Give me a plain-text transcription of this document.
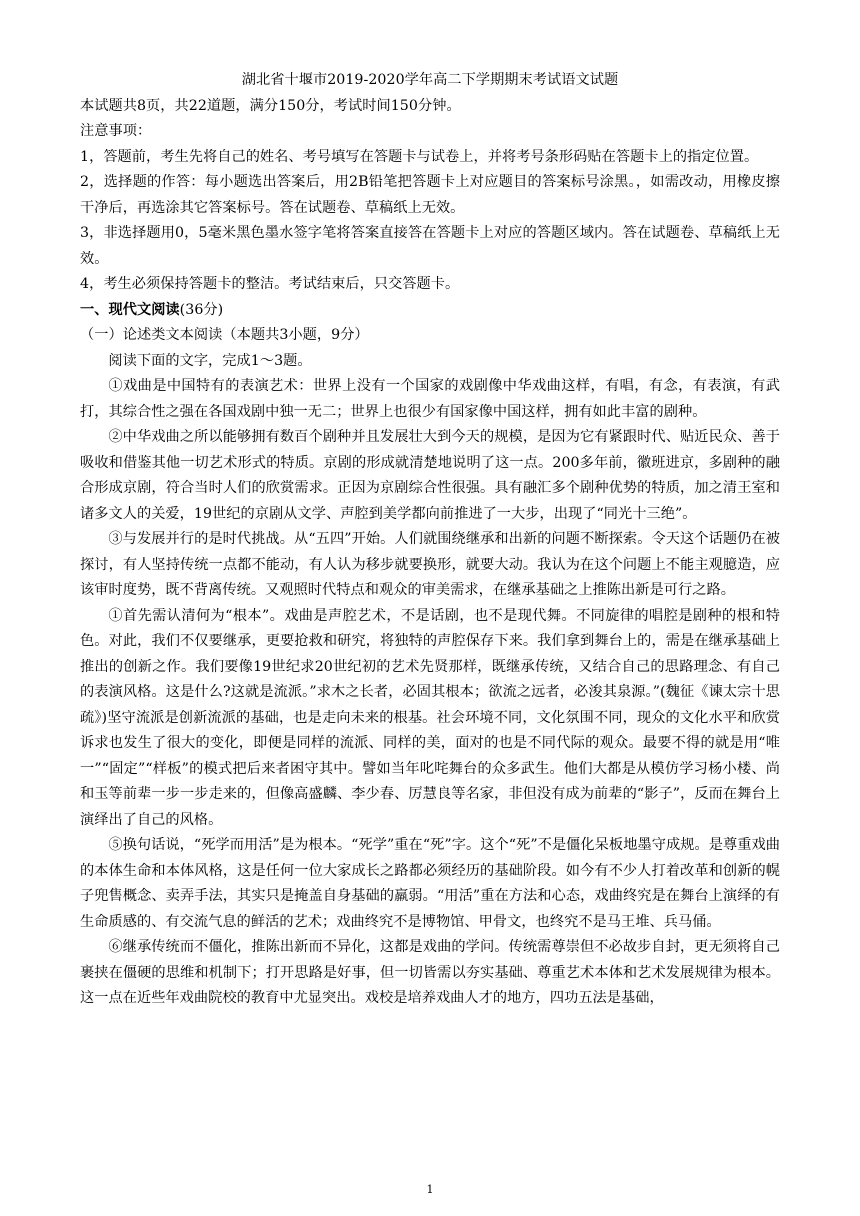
湖北省十堰市2019-2020学年高二下学期期末考试语文试题

本试题共8页，共22道题，满分150分，考试时间150分钟。

注意事项：

1，答题前，考生先将自己的姓名、考号填写在答题卡与试卷上，并将考号条形码贴在答题卡上的指定位置。

2，选择题的作答：每小题选出答案后，用2B铅笔把答题卡上对应题目的答案标号涂黑。，如需改动，用橡皮擦干净后，再选涂其它答案标号。答在试题卷、草稿纸上无效。

3，非选择题用0，5毫米黑色墨水签字笔将答案直接答在答题卡上对应的答题区域内。答在试题卷、草稿纸上无效。

4，考生必须保持答题卡的整洁。考试结束后，只交答题卡。

一、现代文阅读(36分)

（一）论述类文本阅读（本题共3小题，9分）

阅读下面的文字，完成1～3题。

①戏曲是中国特有的表演艺术：世界上没有一个国家的戏剧像中华戏曲这样，有唱，有念，有表演，有武打，其综合性之强在各国戏剧中独一无二；世界上也很少有国家像中国这样，拥有如此丰富的剧种。

②中华戏曲之所以能够拥有数百个剧种并且发展壮大到今天的规模，是因为它有紧跟时代、贴近民众、善于吸收和借鉴其他一切艺术形式的特质。京剧的形成就清楚地说明了这一点。200多年前，徽班进京，多剧种的融合形成京剧，符合当时人们的欣赏需求。正因为京剧综合性很强。具有融汇多个剧种优势的特质，加之清王室和诸多文人的关爱，19世纪的京剧从文学、声腔到美学都向前推进了一大步，出现了“同光十三绝”。

③与发展并行的是时代挑战。从“五四”开始。人们就围绕继承和出新的问题不断探索。令天这个话题仍在被探讨，有人坚持传统一点都不能动，有人认为移步就要换形，就要大动。我认为在这个问题上不能主观臆造，应该审时度势，既不背离传统。又观照时代特点和观众的审美需求，在继承基础之上推陈出新是可行之路。

①首先需认清何为“根本”。戏曲是声腔艺术，不是话剧，也不是现代舞。不同旋律的唱腔是剧种的根和特色。对此，我们不仅要继承，更要抢救和研究，将独特的声腔保存下来。我们拿到舞台上的，需是在继承基础上推出的创新之作。我们要像19世纪求20世纪初的艺术先贤那样，既继承传统，又结合自己的思路理念、有自己的表演风格。这是什么?这就是流派。”求木之长者，必固其根本；欲流之远者，必浚其泉源。”(魏征《谏太宗十思疏》)坚守流派是创新流派的基础，也是走向未来的根基。社会环境不同，文化氛围不同，现众的文化水平和欣赏诉求也发生了很大的变化，即便是同样的流派、同样的美，面对的也是不同代际的观众。最要不得的就是用“唯一”“固定”“样板”的模式把后来者困守其中。譬如当年叱咤舞台的众多武生。他们大都是从模仿学习杨小楼、尚和玉等前辈一步一步走来的，但像高盛麟、李少春、厉慧良等名家，非但没有成为前辈的“影子”，反而在舞台上演绎出了自己的风格。

⑤换句话说，“死学而用活”是为根本。“死学”重在“死”字。这个“死”不是僵化呆板地墨守成规。是尊重戏曲的本体生命和本体风格，这是任何一位大家成长之路都必须经历的基础阶段。如今有不少人打着改革和创新的幌子兜售概念、卖弄手法，其实只是掩盖自身基础的羸弱。“用活”重在方法和心态，戏曲终究是在舞台上演绎的有生命质感的、有交流气息的鲜活的艺术；戏曲终究不是博物馆、甲骨文，也终究不是马王堆、兵马俑。

⑥继承传统而不僵化，推陈出新而不异化，这都是戏曲的学问。传统需尊崇但不必故步自封，更无须将自己裹挟在僵硬的思维和机制下；打开思路是好事，但一切皆需以夯实基础、尊重艺术本体和艺术发展规律为根本。这一点在近些年戏曲院校的教育中尤显突出。戏校是培养戏曲人才的地方，四功五法是基础，

1
